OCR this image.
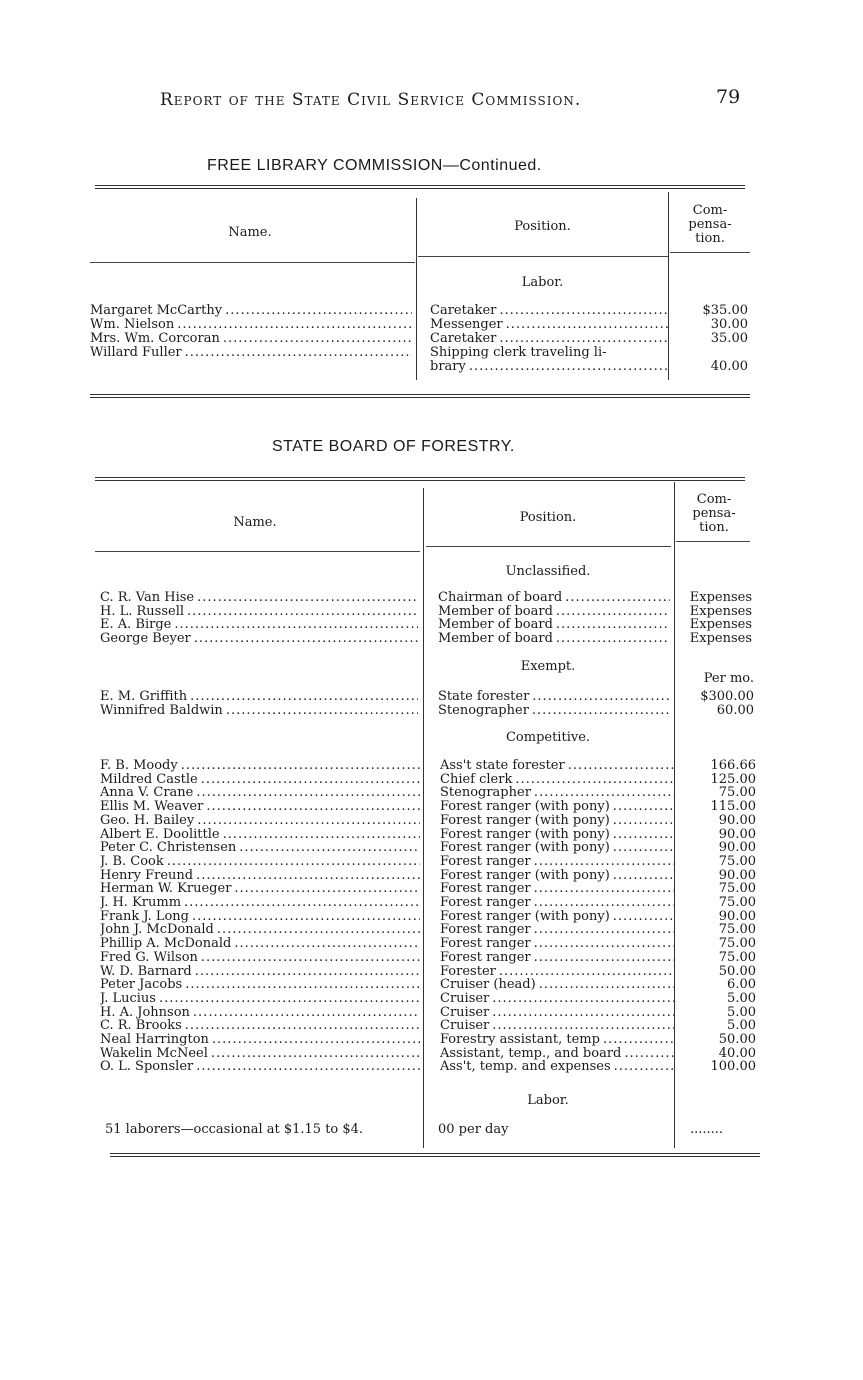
Report of the State Civil Service Commission.	79
FREE LIBRARY COMMISSION—Continued.
Name.	Position.
Com-
pensa-
tion.
Labor.
Margaret McCarthy .....	Caretaker .....	$35.00
Wm. Nielson .....	Messenger .....	30.00
Mrs. Wm. Corcoran .....	Caretaker .....	35.00
Willard Fuller .....	Shipping clerk traveling li-
brary .....	40.00
STATE BOARD OF FORESTRY.
Name.	Position.
Com-
pensa-
tion.
Unclassified.
C. R. Van Hise .....	Chairman of board .....	Expenses
H. L. Russell .....	Member of board .....	Expenses
E. A. Birge .....	Member of board .....	Expenses
George Beyer .....	Member of board .....	Expenses
Exempt.
Per mo.
E. M. Griffith .....	State forester .....	$300.00
Winnifred Baldwin .....	Stenographer .....	60.00
Competitive.
F. B. Moody .....	Ass't state forester .....	166.66
Mildred Castle .....	Chief clerk .....	125.00
Anna V. Crane .....	Stenographer .....	75.00
Ellis M. Weaver .....	Forest ranger (with pony) .....	115.00
Geo. H. Bailey .....	Forest ranger (with pony) .....	90.00
Albert E. Doolittle .....	Forest ranger (with pony) .....	90.00
Peter C. Christensen .....	Forest ranger (with pony) .....	90.00
J. B. Cook .....	Forest ranger .....	75.00
Henry Freund .....	Forest ranger (with pony) .....	90.00
Herman W. Krueger .....	Forest ranger .....	75.00
J. H. Krumm .....	Forest ranger .....	75.00
Frank J. Long .....	Forest ranger (with pony) .....	90.00
John J. McDonald .....	Forest ranger .....	75.00
Phillip A. McDonald .....	Forest ranger .....	75.00
Fred G. Wilson .....	Forest ranger .....	75.00
W. D. Barnard .....	Forester .....	50.00
Peter Jacobs .....	Cruiser (head) .....	6.00
J. Lucius .....	Cruiser .....	5.00
H. A. Johnson .....	Cruiser .....	5.00
C. R. Brooks .....	Cruiser .....	5.00
Neal Harrington .....	Forestry assistant, temp .....	50.00
Wakelin McNeel .....	Assistant, temp., and board .....	40.00
O. L. Sponsler .....	Ass't, temp. and expenses .....	100.00
Labor.
51 laborers—occasional at $1.15 to $4.	00 per day	........
